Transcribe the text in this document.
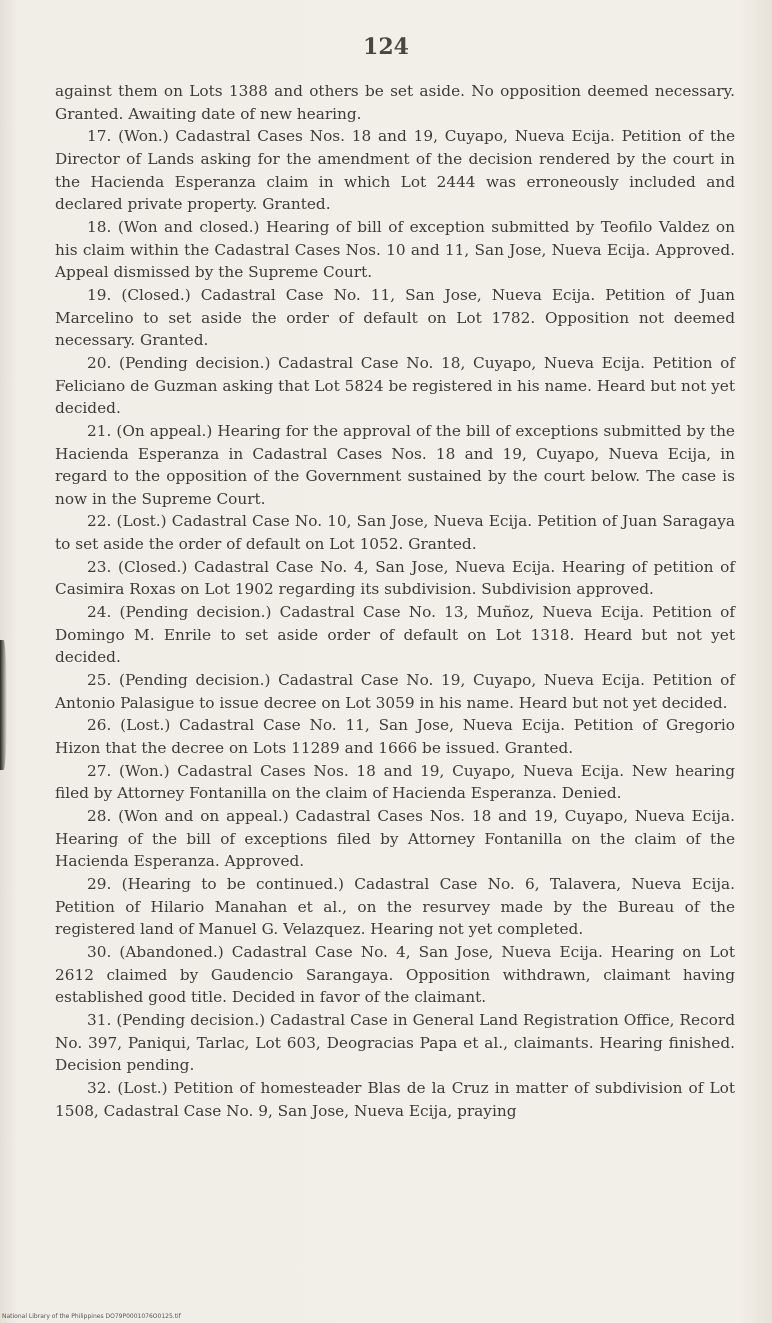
124

against them on Lots 1388 and others be set aside. No opposition deemed necessary. Granted. Awaiting date of new hearing.

17. (Won.) Cadastral Cases Nos. 18 and 19, Cuyapo, Nueva Ecija. Petition of the Director of Lands asking for the amendment of the decision rendered by the court in the Hacienda Esperanza claim in which Lot 2444 was erroneously included and declared private property. Granted.

18. (Won and closed.) Hearing of bill of exception submitted by Teofilo Valdez on his claim within the Cadastral Cases Nos. 10 and 11, San Jose, Nueva Ecija. Approved. Appeal dismissed by the Supreme Court.

19. (Closed.) Cadastral Case No. 11, San Jose, Nueva Ecija. Petition of Juan Marcelino to set aside the order of default on Lot 1782. Opposition not deemed necessary. Granted.

20. (Pending decision.) Cadastral Case No. 18, Cuyapo, Nueva Ecija. Petition of Feliciano de Guzman asking that Lot 5824 be registered in his name. Heard but not yet decided.

21. (On appeal.) Hearing for the approval of the bill of exceptions submitted by the Hacienda Esperanza in Cadastral Cases Nos. 18 and 19, Cuyapo, Nueva Ecija, in regard to the opposition of the Government sustained by the court below. The case is now in the Supreme Court.

22. (Lost.) Cadastral Case No. 10, San Jose, Nueva Ecija. Petition of Juan Saragaya to set aside the order of default on Lot 1052. Granted.

23. (Closed.) Cadastral Case No. 4, San Jose, Nueva Ecija. Hearing of petition of Casimira Roxas on Lot 1902 regarding its subdivision. Subdivision approved.

24. (Pending decision.) Cadastral Case No. 13, Muñoz, Nueva Ecija. Petition of Domingo M. Enrile to set aside order of default on Lot 1318. Heard but not yet decided.

25. (Pending decision.) Cadastral Case No. 19, Cuyapo, Nueva Ecija. Petition of Antonio Palasigue to issue decree on Lot 3059 in his name. Heard but not yet decided.

26. (Lost.) Cadastral Case No. 11, San Jose, Nueva Ecija. Petition of Gregorio Hizon that the decree on Lots 11289 and 1666 be issued. Granted.

27. (Won.) Cadastral Cases Nos. 18 and 19, Cuyapo, Nueva Ecija. New hearing filed by Attorney Fontanilla on the claim of Hacienda Esperanza. Denied.

28. (Won and on appeal.) Cadastral Cases Nos. 18 and 19, Cuyapo, Nueva Ecija. Hearing of the bill of exceptions filed by Attorney Fontanilla on the claim of the Hacienda Esperanza. Approved.

29. (Hearing to be continued.) Cadastral Case No. 6, Talavera, Nueva Ecija. Petition of Hilario Manahan et al., on the resurvey made by the Bureau of the registered land of Manuel G. Velazquez. Hearing not yet completed.

30. (Abandoned.) Cadastral Case No. 4, San Jose, Nueva Ecija. Hearing on Lot 2612 claimed by Gaudencio Sarangaya. Opposition withdrawn, claimant having established good title. Decided in favor of the claimant.

31. (Pending decision.) Cadastral Case in General Land Registration Office, Record No. 397, Paniqui, Tarlac, Lot 603, Deogracias Papa et al., claimants. Hearing finished. Decision pending.

32. (Lost.) Petition of homesteader Blas de la Cruz in matter of subdivision of Lot 1508, Cadastral Case No. 9, San Jose, Nueva Ecija, praying

National Library of the Philippines DO79P0001076O0125.tif
